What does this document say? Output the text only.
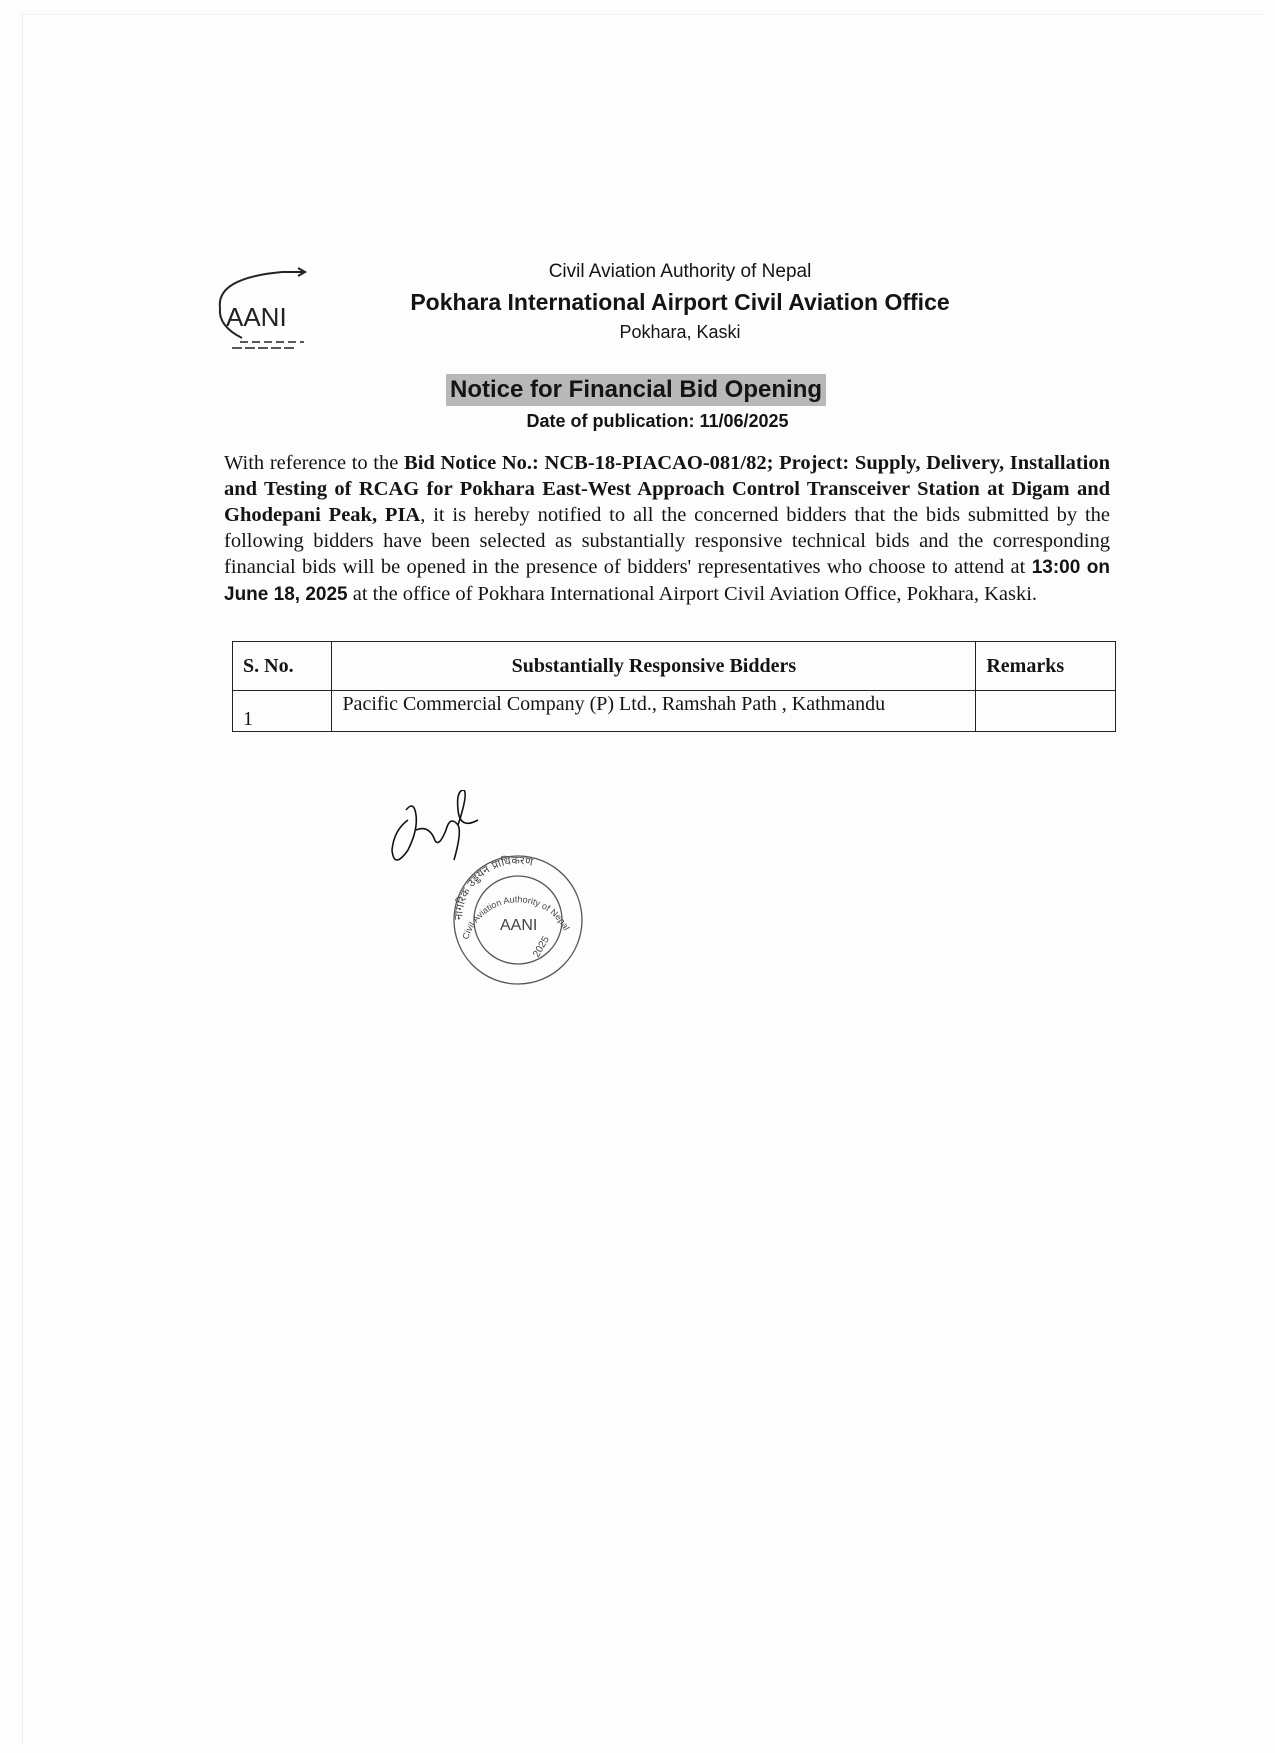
AANI
Civil Aviation Authority of Nepal
Pokhara International Airport Civil Aviation Office
Pokhara, Kaski
Notice for Financial Bid Opening
Date of publication: 11/06/2025
With reference to the Bid Notice No.: NCB-18-PIACAO-081/82; Project: Supply, Delivery, Installation and Testing of RCAG for Pokhara East-West Approach Control Transceiver Station at Digam and Ghodepani Peak, PIA, it is hereby notified to all the concerned bidders that the bids submitted by the following bidders have been selected as substantially responsive technical bids and the corresponding financial bids will be opened in the presence of bidders' representatives who choose to attend at 13:00 on June 18, 2025 at the office of Pokhara International Airport Civil Aviation Office, Pokhara, Kaski.
S. No.	Substantially Responsive Bidders	Remarks
1	Pacific Commercial Company (P) Ltd., Ramshah Path , Kathmandu	
नागरिक उड्डयन प्राधिकरण
Civil Aviation Authority of Nepal
AANI
2025
